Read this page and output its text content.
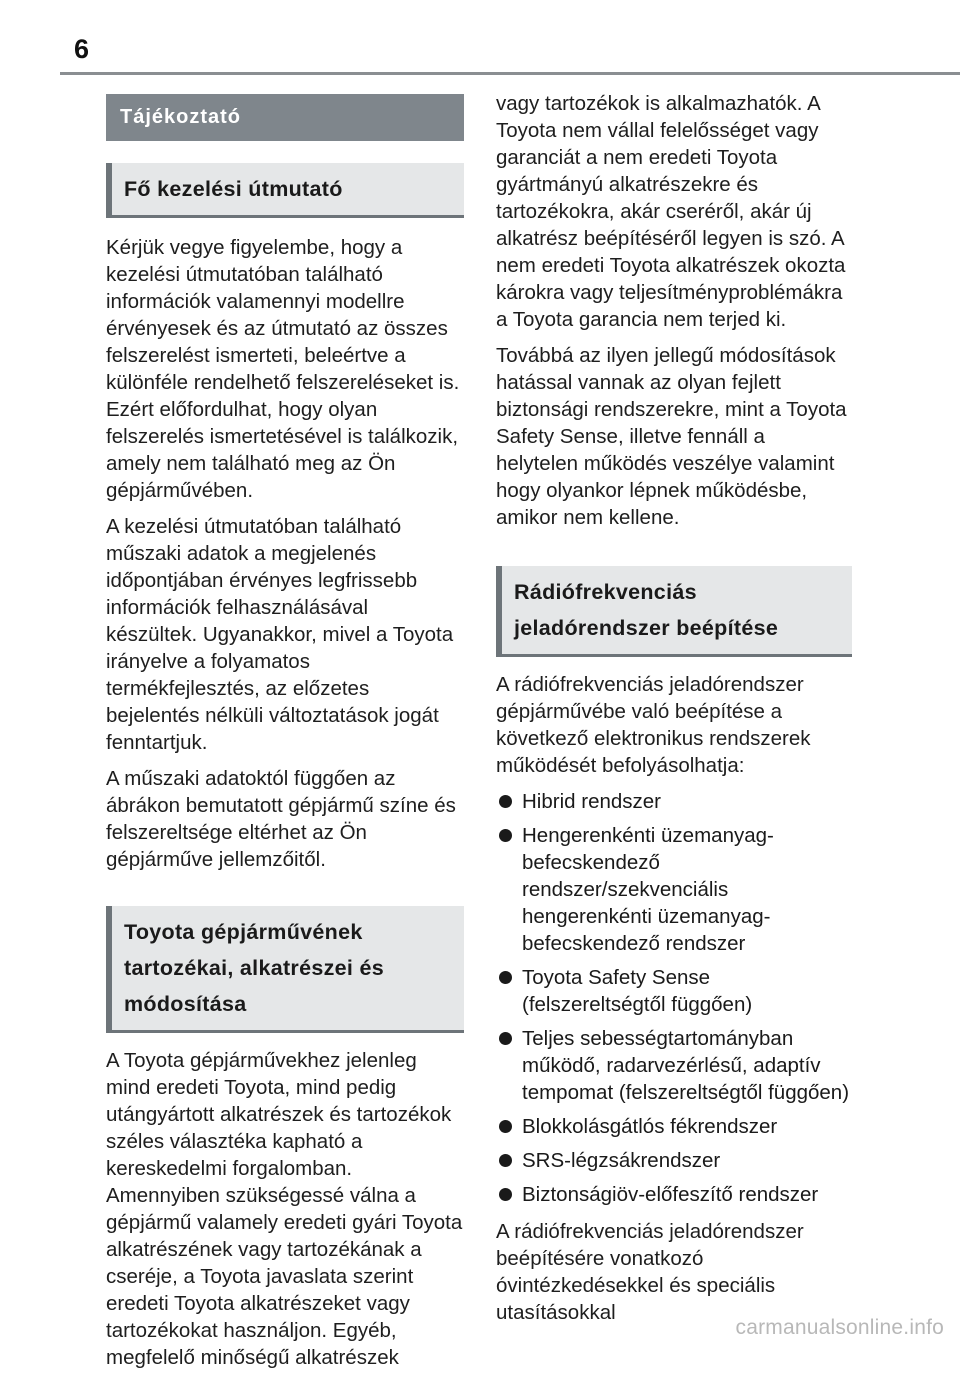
6
Tájékoztató
Fő kezelési útmutató

Kérjük vegye figyelembe, hogy a kezelési útmutatóban található információk valamennyi modellre érvényesek és az útmutató az összes felszerelést ismerteti, beleértve a különféle rendelhető felszereléseket is. Ezért előfordulhat, hogy olyan felszerelés ismertetésével is találkozik, amely nem található meg az Ön gépjárművében.

A kezelési útmutatóban található műszaki adatok a megjelenés időpontjában érvényes legfrissebb információk felhasználásával készültek. Ugyanakkor, mivel a Toyota irányelve a folyamatos termékfejlesztés, az előzetes bejelentés nélküli változtatások jogát fenntartjuk.

A műszaki adatoktól függően az ábrákon bemutatott gépjármű színe és felszereltsége eltérhet az Ön gépjárműve jellemzőitől.

Toyota gépjárművének tartozékai, alkatrészei és módosítása

A Toyota gépjárművekhez jelenleg mind eredeti Toyota, mind pedig utángyártott alkatrészek és tartozékok széles választéka kapható a kereskedelmi forgalomban. Amennyiben szükségessé válna a gépjármű valamely eredeti gyári Toyota alkatrészének vagy tartozékának a cseréje, a Toyota javaslata szerint eredeti Toyota alkatrészeket vagy tartozékokat használjon. Egyéb, megfelelő minőségű alkatrészek

vagy tartozékok is alkalmazhatók. A Toyota nem vállal felelősséget vagy garanciát a nem eredeti Toyota gyártmányú alkatrészekre és tartozékokra, akár cseréről, akár új alkatrész beépítéséről legyen is szó. A nem eredeti Toyota alkatrészek okozta károkra vagy teljesítményproblémákra a Toyota garancia nem terjed ki.

Továbbá az ilyen jellegű módosítások hatással vannak az olyan fejlett biztonsági rendszerekre, mint a Toyota Safety Sense, illetve fennáll a helytelen működés veszélye valamint hogy olyankor lépnek működésbe, amikor nem kellene.

Rádiófrekvenciás jeladórendszer beépítése

A rádiófrekvenciás jeladórendszer gépjárművébe való beépítése a következő elektronikus rendszerek működését befolyásolhatja:

Hibrid rendszer
Hengerenkénti üzemanyag-befecskendező rendszer/szekvenciális hengerenkénti üzemanyag-befecskendező rendszer
Toyota Safety Sense (felszereltségtől függően)
Teljes sebességtartományban működő, radarvezérlésű, adaptív tempomat (felszereltségtől függően)
Blokkolásgátlós fékrendszer
SRS-légzsákrendszer
Biztonságiöv-előfeszítő rendszer

A rádiófrekvenciás jeladórendszer beépítésére vonatkozó óvintézkedésekkel és speciális utasításokkal

carmanualsonline.info
